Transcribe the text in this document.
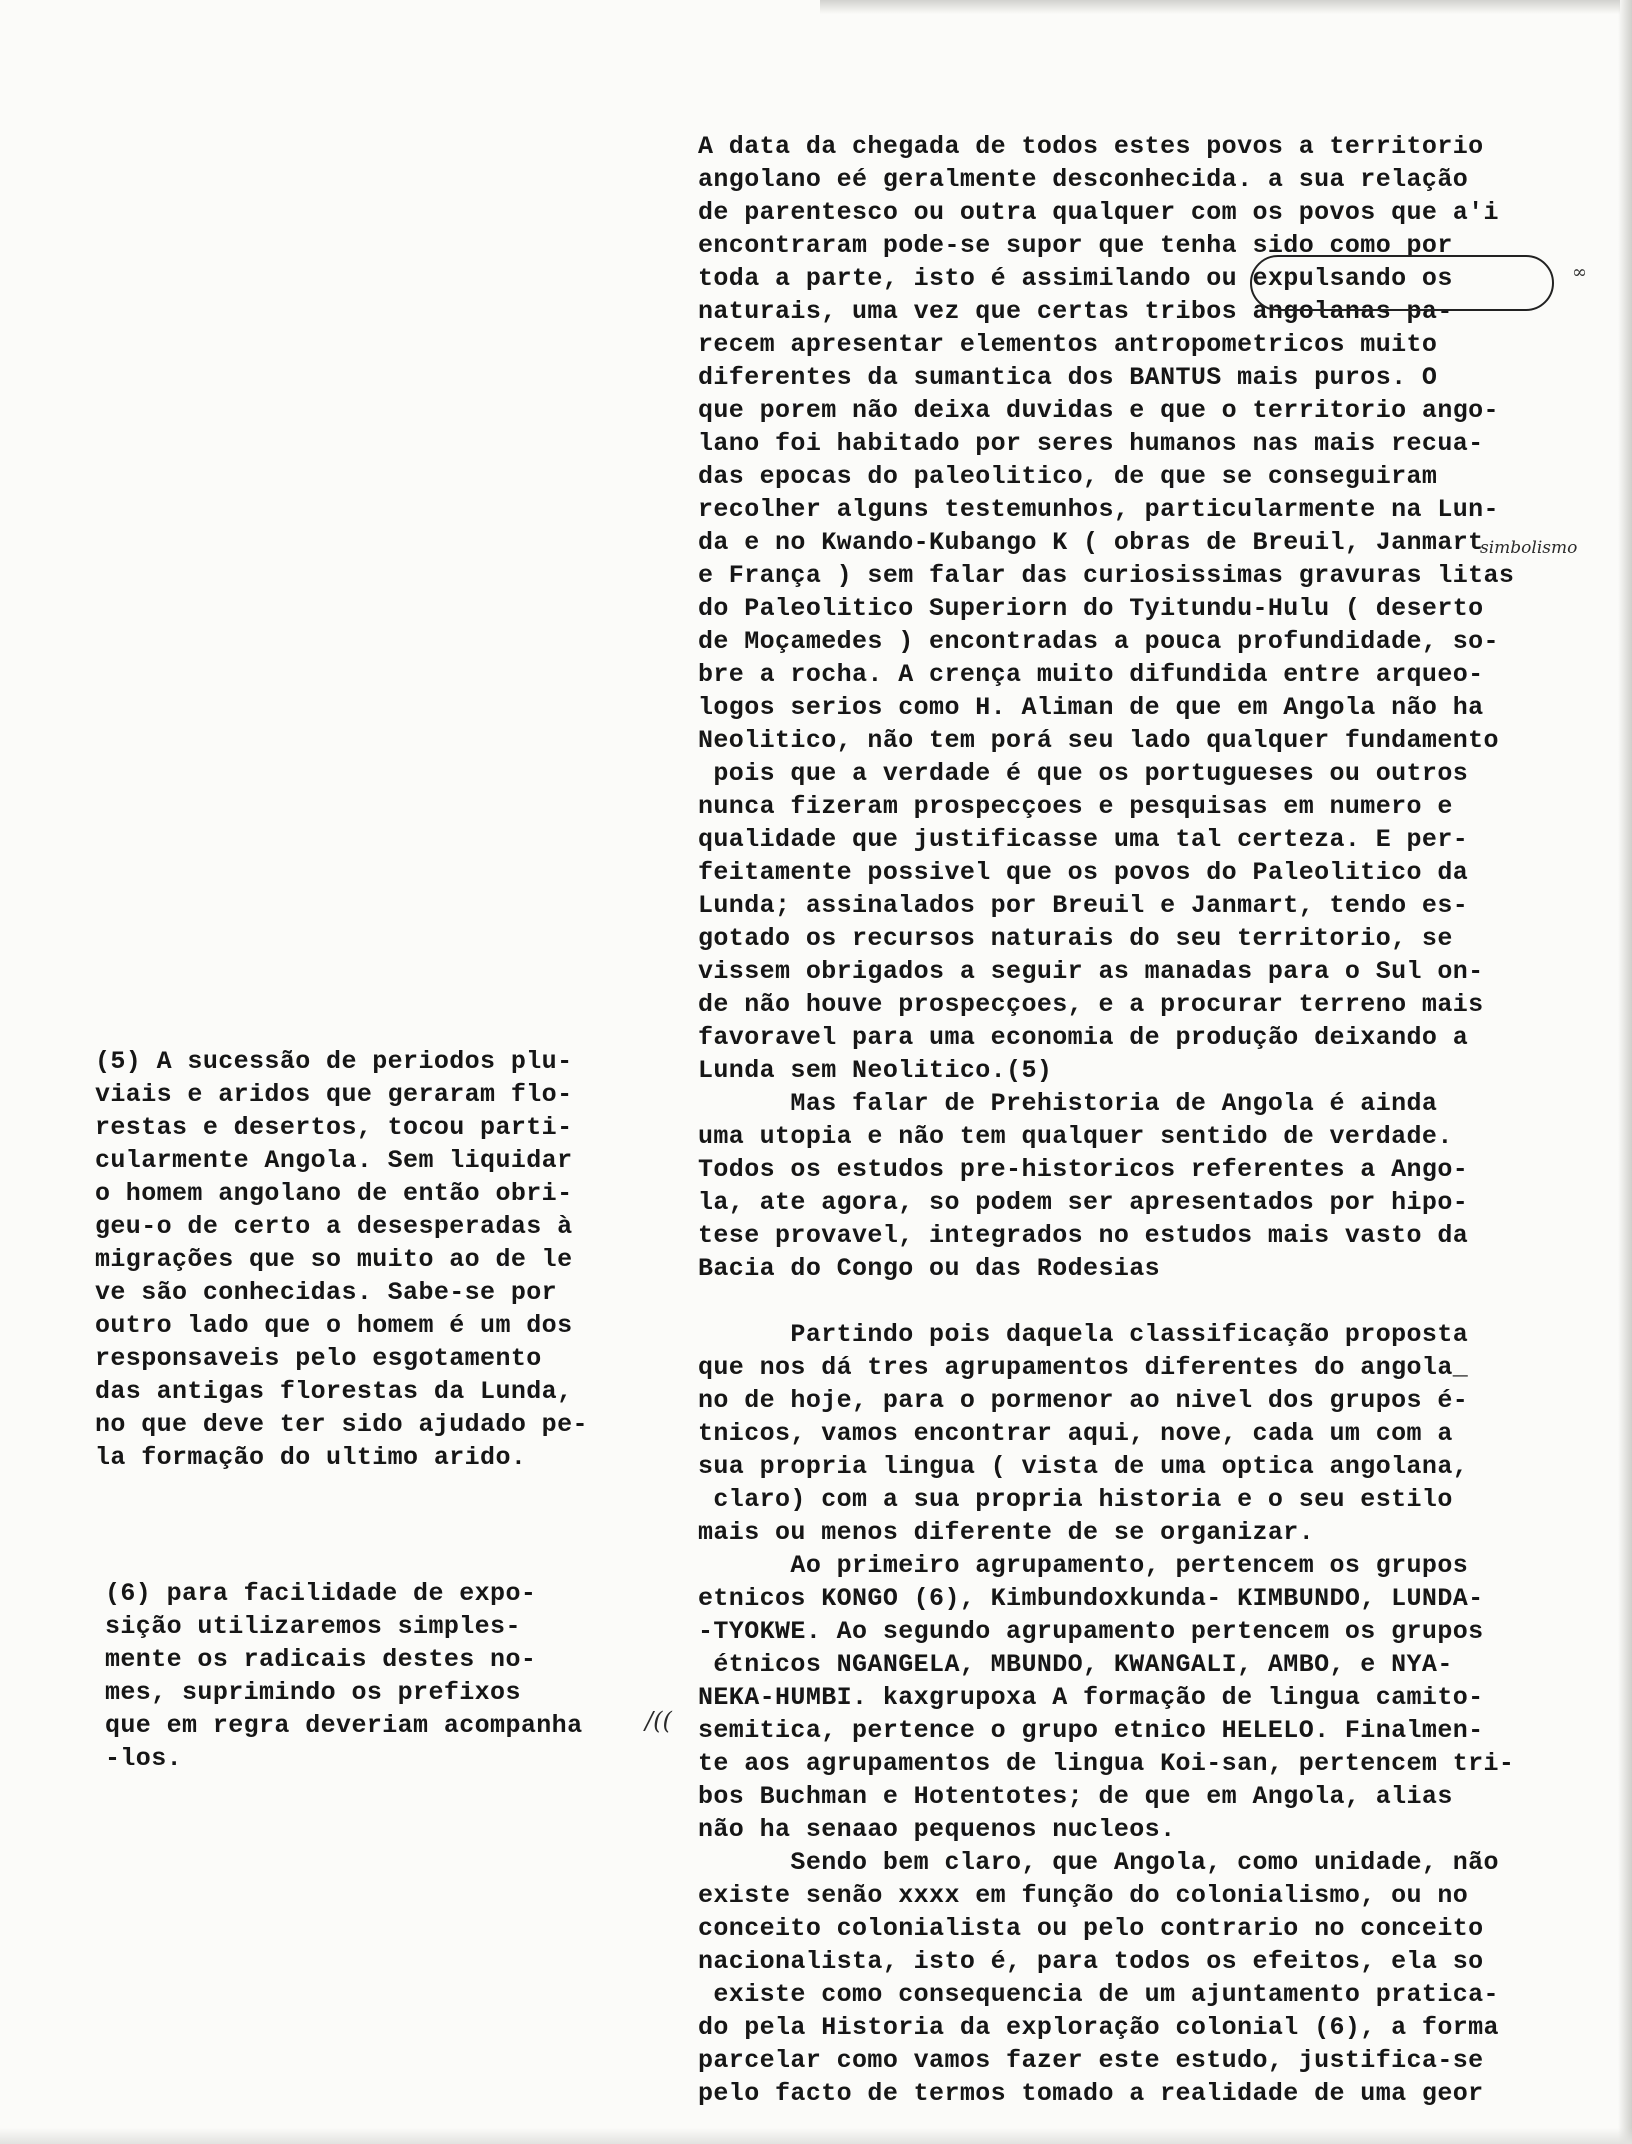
A data da chegada de todos estes povos a territorio
angolano eé geralmente desconhecida. a sua relação
de parentesco ou outra qualquer com os povos que a'i
encontraram pode-se supor que tenha sido como por
toda a parte, isto é assimilando ou expulsando os
naturais, uma vez que certas tribos angolanas pa-
recem apresentar elementos antropometricos muito
diferentes da sumantica dos BANTUS mais puros. O
que porem não deixa duvidas e que o territorio ango-
lano foi habitado por seres humanos nas mais recua-
das epocas do paleolitico, de que se conseguiram
recolher alguns testemunhos, particularmente na Lun-
da e no Kwando-Kubango K ( obras de Breuil, Janmart
e França ) sem falar das curiosissimas gravuras litas
do Paleolitico Superiorn do Tyitundu-Hulu ( deserto
de Moçamedes ) encontradas a pouca profundidade, so-
bre a rocha. A crença muito difundida entre arqueo-
logos serios como H. Aliman de que em Angola não ha
Neolitico, não tem porá seu lado qualquer fundamento
pois que a verdade é que os portugueses ou outros
nunca fizeram prospecçoes e pesquisas em numero e
qualidade que justificasse uma tal certeza. E per-
feitamente possivel que os povos do Paleolitico da
Lunda; assinalados por Breuil e Janmart, tendo es-
gotado os recursos naturais do seu territorio, se
vissem obrigados a seguir as manadas para o Sul on-
de não houve prospecçoes, e a procurar terreno mais
favoravel para uma economia de produção deixando a
Lunda sem Neolitico.(5)
Mas falar de Prehistoria de Angola é ainda
uma utopia e não tem qualquer sentido de verdade.
Todos os estudos pre-historicos referentes a Ango-
la, ate agora, so podem ser apresentados por hipo-
tese provavel, integrados no estudos mais vasto da
Bacia do Congo ou das Rodesias
Partindo pois daquela classificação proposta
que nos dá tres agrupamentos diferentes do angola_
no de hoje, para o pormenor ao nivel dos grupos é-
tnicos, vamos encontrar aqui, nove, cada um com a
sua propria lingua ( vista de uma optica angolana,
claro) com a sua propria historia e o seu estilo
mais ou menos diferente de se organizar.
Ao primeiro agrupamento, pertencem os grupos
etnicos KONGO (6), Kimbundoxkunda- KIMBUNDO, LUNDA-
-TYOKWE. Ao segundo agrupamento pertencem os grupos
étnicos NGANGELA, MBUNDO, KWANGALI, AMBO, e NYA-
NEKA-HUMBI. kaxgrupoxa A formação de lingua camito-
semitica, pertence o grupo etnico HELELO. Finalmen-
te aos agrupamentos de lingua Koi-san, pertencem tri-
bos Buchman e Hotentotes; de que em Angola, alias
não ha senaao pequenos nucleos.
Sendo bem claro, que Angola, como unidade, não
existe senão xxxx em função do colonialismo, ou no
conceito colonialista ou pelo contrario no conceito
nacionalista, isto é, para todos os efeitos, ela so
existe como consequencia de um ajuntamento pratica-
do pela Historia da exploração colonial (6), a forma
parcelar como vamos fazer este estudo, justifica-se
pelo facto de termos tomado a realidade de uma geor
(5) A sucessão de periodos plu-
viais e aridos que geraram flo-
restas e desertos, tocou parti-
cularmente Angola. Sem liquidar
o homem angolano de então obri-
geu-o de certo a desesperadas à
migrações que so muito ao de le
ve são conhecidas. Sabe-se por
outro lado que o homem é um dos
responsaveis pelo esgotamento
das antigas florestas da Lunda,
no que deve ter sido ajudado pe-
la formação do ultimo arido.
(6) para facilidade de expo-
sição utilizaremos simples-
mente os radicais destes no-
mes, suprimindo os prefixos
que em regra deveriam acompanha
-los.
∞
simbolismo
/((
